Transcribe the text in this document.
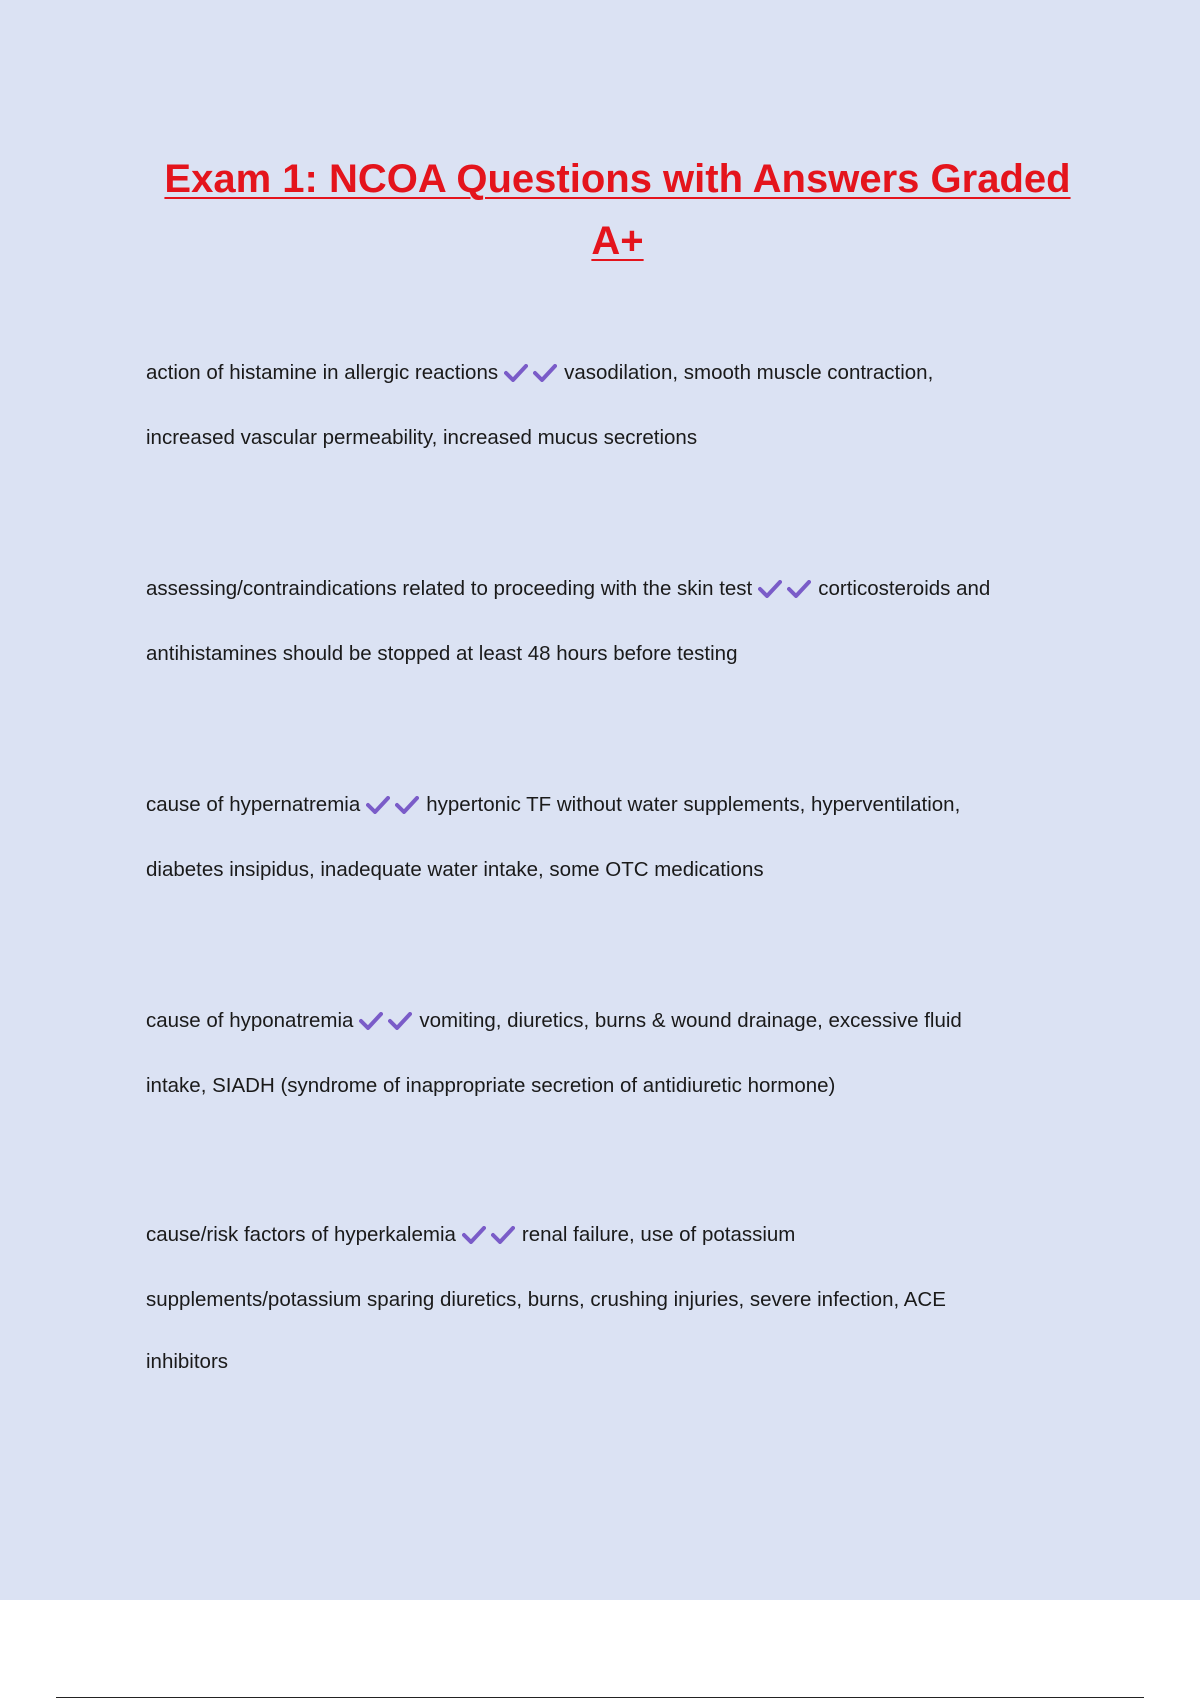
Exam 1: NCOA Questions with Answers Graded
A+
action of histamine in allergic reactions	vasodilation, smooth muscle contraction,
increased vascular permeability, increased mucus secretions
assessing/contraindications related to proceeding with the skin test	corticosteroids and
antihistamines should be stopped at least 48 hours before testing
cause of hypernatremia	hypertonic TF without water supplements, hyperventilation,
diabetes insipidus, inadequate water intake, some OTC medications
cause of hyponatremia	vomiting, diuretics, burns & wound drainage, excessive fluid
intake, SIADH (syndrome of inappropriate secretion of antidiuretic hormone)
cause/risk factors of hyperkalemia	renal failure, use of potassium
supplements/potassium sparing diuretics, burns, crushing injuries, severe infection, ACE
inhibitors
